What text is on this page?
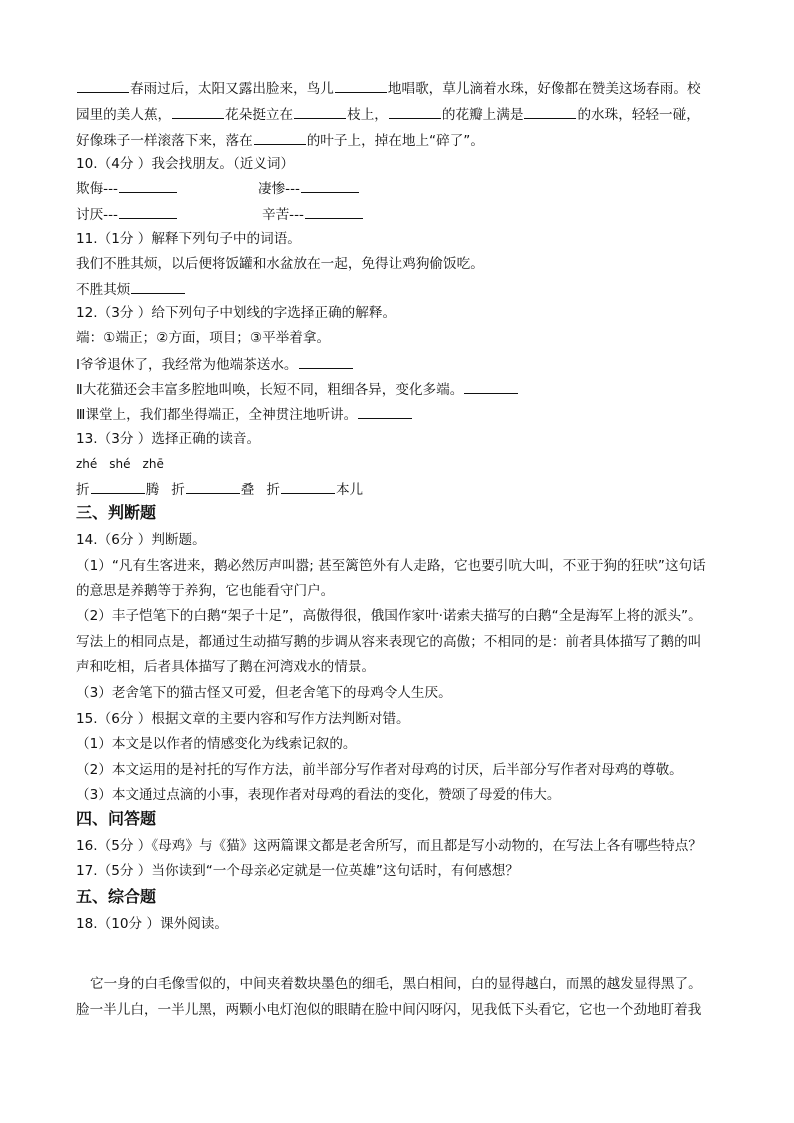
春雨过后，太阳又露出脸来，鸟儿	地唱歌，草儿滴着水珠，好像都在赞美这场春雨。校
园里的美人蕉，	花朵挺立在	枝上，	的花瓣上满是	的水珠，轻轻一碰，
好像珠子一样滚落下来，落在	的叶子上，掉在地上“碎了”。
10.（4分 ）我会找朋友。（近义词）
欺侮---	凄惨---
讨厌---	辛苦---
11.（1分 ）解释下列句子中的词语。
我们不胜其烦，以后便将饭罐和水盆放在一起，免得让鸡狗偷饭吃。
不胜其烦
12.（3分 ）给下列句子中划线的字选择正确的解释。
端：①端正；②方面，项目；③平举着拿。
Ⅰ爷爷退休了，我经常为他端茶送水。
Ⅱ大花猫还会丰富多腔地叫唤，长短不同，粗细各异，变化多端。
Ⅲ课堂上，我们都坐得端正，全神贯注地听讲。
13.（3分 ）选择正确的读音。
zhé shé zhē
折	腾 折	叠 折	本儿
三、判断题
14.（6分 ）判断题。
（1）“凡有生客进来，鹅必然厉声叫嚣; 甚至篱笆外有人走路，它也要引吭大叫，不亚于狗的狂吠”这句话
的意思是养鹅等于养狗，它也能看守门户。
（2）丰子恺笔下的白鹅“架子十足”，高傲得很，俄国作家叶·诺索夫描写的白鹅“全是海军上将的派头”。
写法上的相同点是，都通过生动描写鹅的步调从容来表现它的高傲；不相同的是：前者具体描写了鹅的叫
声和吃相，后者具体描写了鹅在河湾戏水的情景。
（3）老舍笔下的猫古怪又可爱，但老舍笔下的母鸡令人生厌。
15.（6分 ）根据文章的主要内容和写作方法判断对错。
（1）本文是以作者的情感变化为线索记叙的。
（2）本文运用的是衬托的写作方法，前半部分写作者对母鸡的讨厌，后半部分写作者对母鸡的尊敬。
（3）本文通过点滴的小事，表现作者对母鸡的看法的变化，赞颂了母爱的伟大。
四、问答题
16.（5分 ）《母鸡》与《猫》这两篇课文都是老舍所写，而且都是写小动物的，在写法上各有哪些特点？
17.（5分 ）当你读到“一个母亲必定就是一位英雄”这句话时，有何感想？
五、综合题
18.（10分 ）课外阅读。
它一身的白毛像雪似的，中间夹着数块墨色的细毛，黑白相间，白的显得越白，而黑的越发显得黑了。
脸一半儿白，一半儿黑，两颗小电灯泡似的眼睛在脸中间闪呀闪，见我低下头看它，它也一个劲地盯着我
